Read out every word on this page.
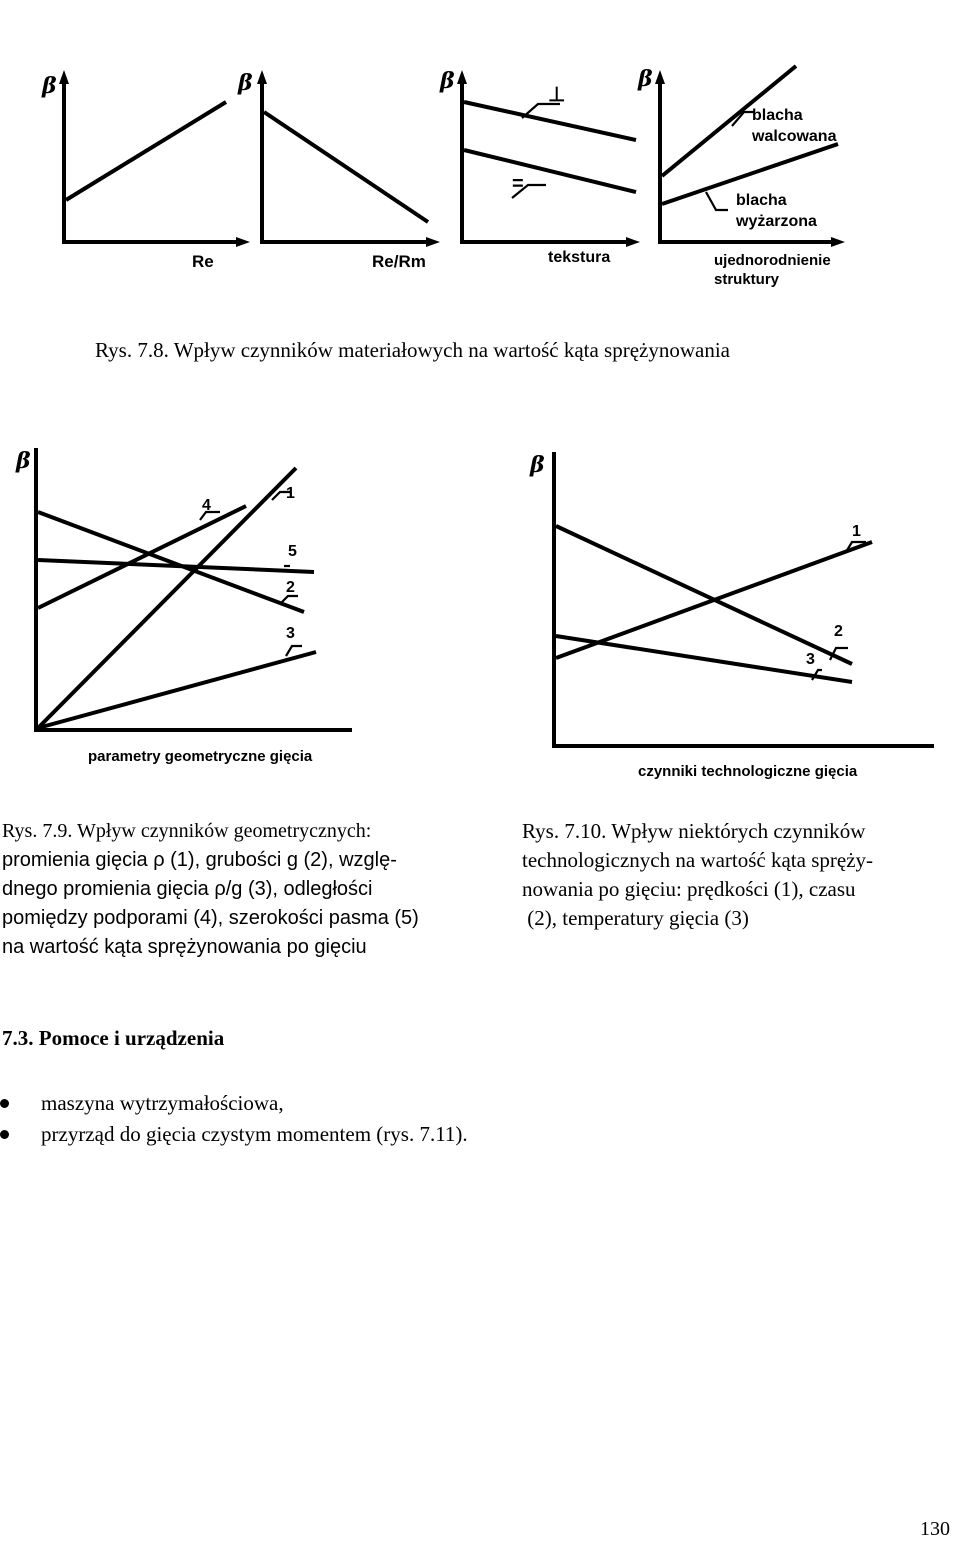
β
Re
β
Re/Rm
⊥
=
β
tekstura
blacha walcowana
blacha wyżarzona
β
ujednorodnienie struktury
β
1
2
3
4
5
parametry geometryczne gięcia
β
1
2
3
czynniki technologiczne gięcia
Rys. 7.8. Wpływ czynników materiałowych na wartość kąta sprężynowania
Rys. 7.9. Wpływ czynników geometrycznych:
promienia gięcia ρ (1), grubości g (2), wzglę-
dnego promienia gięcia ρ/g (3), odległości
pomiędzy podporami (4), szerokości pasma (5)
na wartość kąta sprężynowania po gięciu
Rys. 7.10. Wpływ niektórych czynników
technologicznych na wartość kąta spręży-
nowania po gięciu: prędkości (1), czasu
(2), temperatury gięcia (3)
7.3. Pomoce i urządzenia
maszyna wytrzymałościowa,
przyrząd do gięcia czystym momentem (rys. 7.11).
130
